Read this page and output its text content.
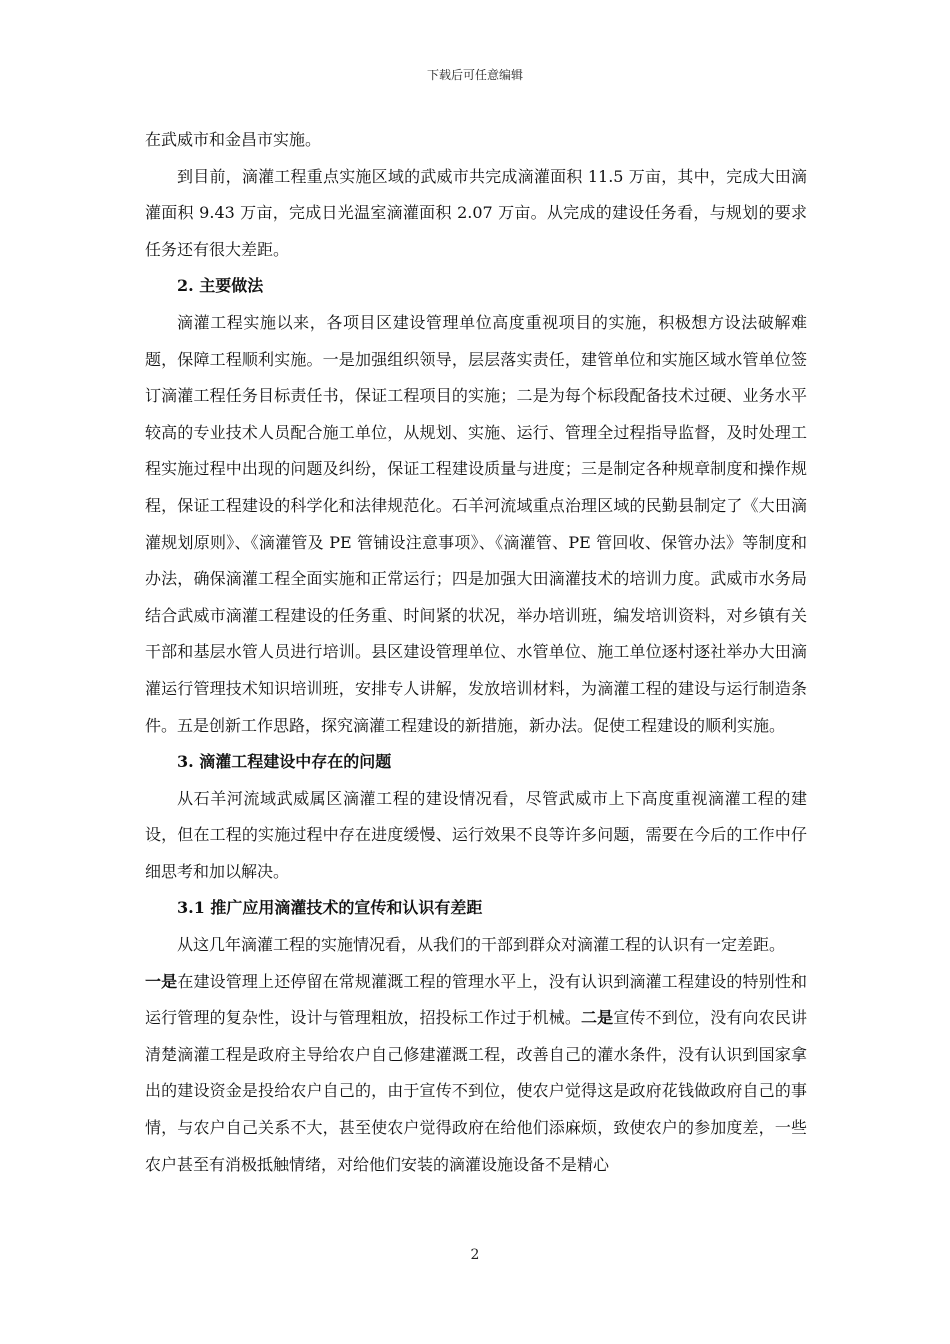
下载后可任意编辑

在武威市和金昌市实施。

到目前，滴灌工程重点实施区域的武威市共完成滴灌面积 11.5 万亩，其中，完成大田滴灌面积 9.43 万亩，完成日光温室滴灌面积 2.07 万亩。从完成的建设任务看，与规划的要求任务还有很大差距。

2. 主要做法

滴灌工程实施以来，各项目区建设管理单位高度重视项目的实施，积极想方设法破解难题，保障工程顺利实施。一是加强组织领导，层层落实责任，建管单位和实施区域水管单位签订滴灌工程任务目标责任书，保证工程项目的实施；二是为每个标段配备技术过硬、业务水平较高的专业技术人员配合施工单位，从规划、实施、运行、管理全过程指导监督，及时处理工程实施过程中出现的问题及纠纷，保证工程建设质量与进度；三是制定各种规章制度和操作规程，保证工程建设的科学化和法律规范化。石羊河流域重点治理区域的民勤县制定了《大田滴灌规划原则》、《滴灌管及 PE 管铺设注意事项》、《滴灌管、PE 管回收、保管办法》等制度和办法，确保滴灌工程全面实施和正常运行；四是加强大田滴灌技术的培训力度。武威市水务局结合武威市滴灌工程建设的任务重、时间紧的状况，举办培训班，编发培训资料，对乡镇有关干部和基层水管人员进行培训。县区建设管理单位、水管单位、施工单位逐村逐社举办大田滴灌运行管理技术知识培训班，安排专人讲解，发放培训材料，为滴灌工程的建设与运行制造条件。五是创新工作思路，探究滴灌工程建设的新措施，新办法。促使工程建设的顺利实施。

3. 滴灌工程建设中存在的问题

从石羊河流域武威属区滴灌工程的建设情况看，尽管武威市上下高度重视滴灌工程的建设，但在工程的实施过程中存在进度缓慢、运行效果不良等许多问题，需要在今后的工作中仔细思考和加以解决。

3.1 推广应用滴灌技术的宣传和认识有差距

从这几年滴灌工程的实施情况看，从我们的干部到群众对滴灌工程的认识有一定差距。

一是在建设管理上还停留在常规灌溉工程的管理水平上，没有认识到滴灌工程建设的特别性和运行管理的复杂性，设计与管理粗放，招投标工作过于机械。二是宣传不到位，没有向农民讲清楚滴灌工程是政府主导给农户自己修建灌溉工程，改善自己的灌水条件，没有认识到国家拿出的建设资金是投给农户自己的，由于宣传不到位，使农户觉得这是政府花钱做政府自己的事情，与农户自己关系不大，甚至使农户觉得政府在给他们添麻烦，致使农户的参加度差，一些农户甚至有消极抵触情绪，对给他们安装的滴灌设施设备不是精心

2
